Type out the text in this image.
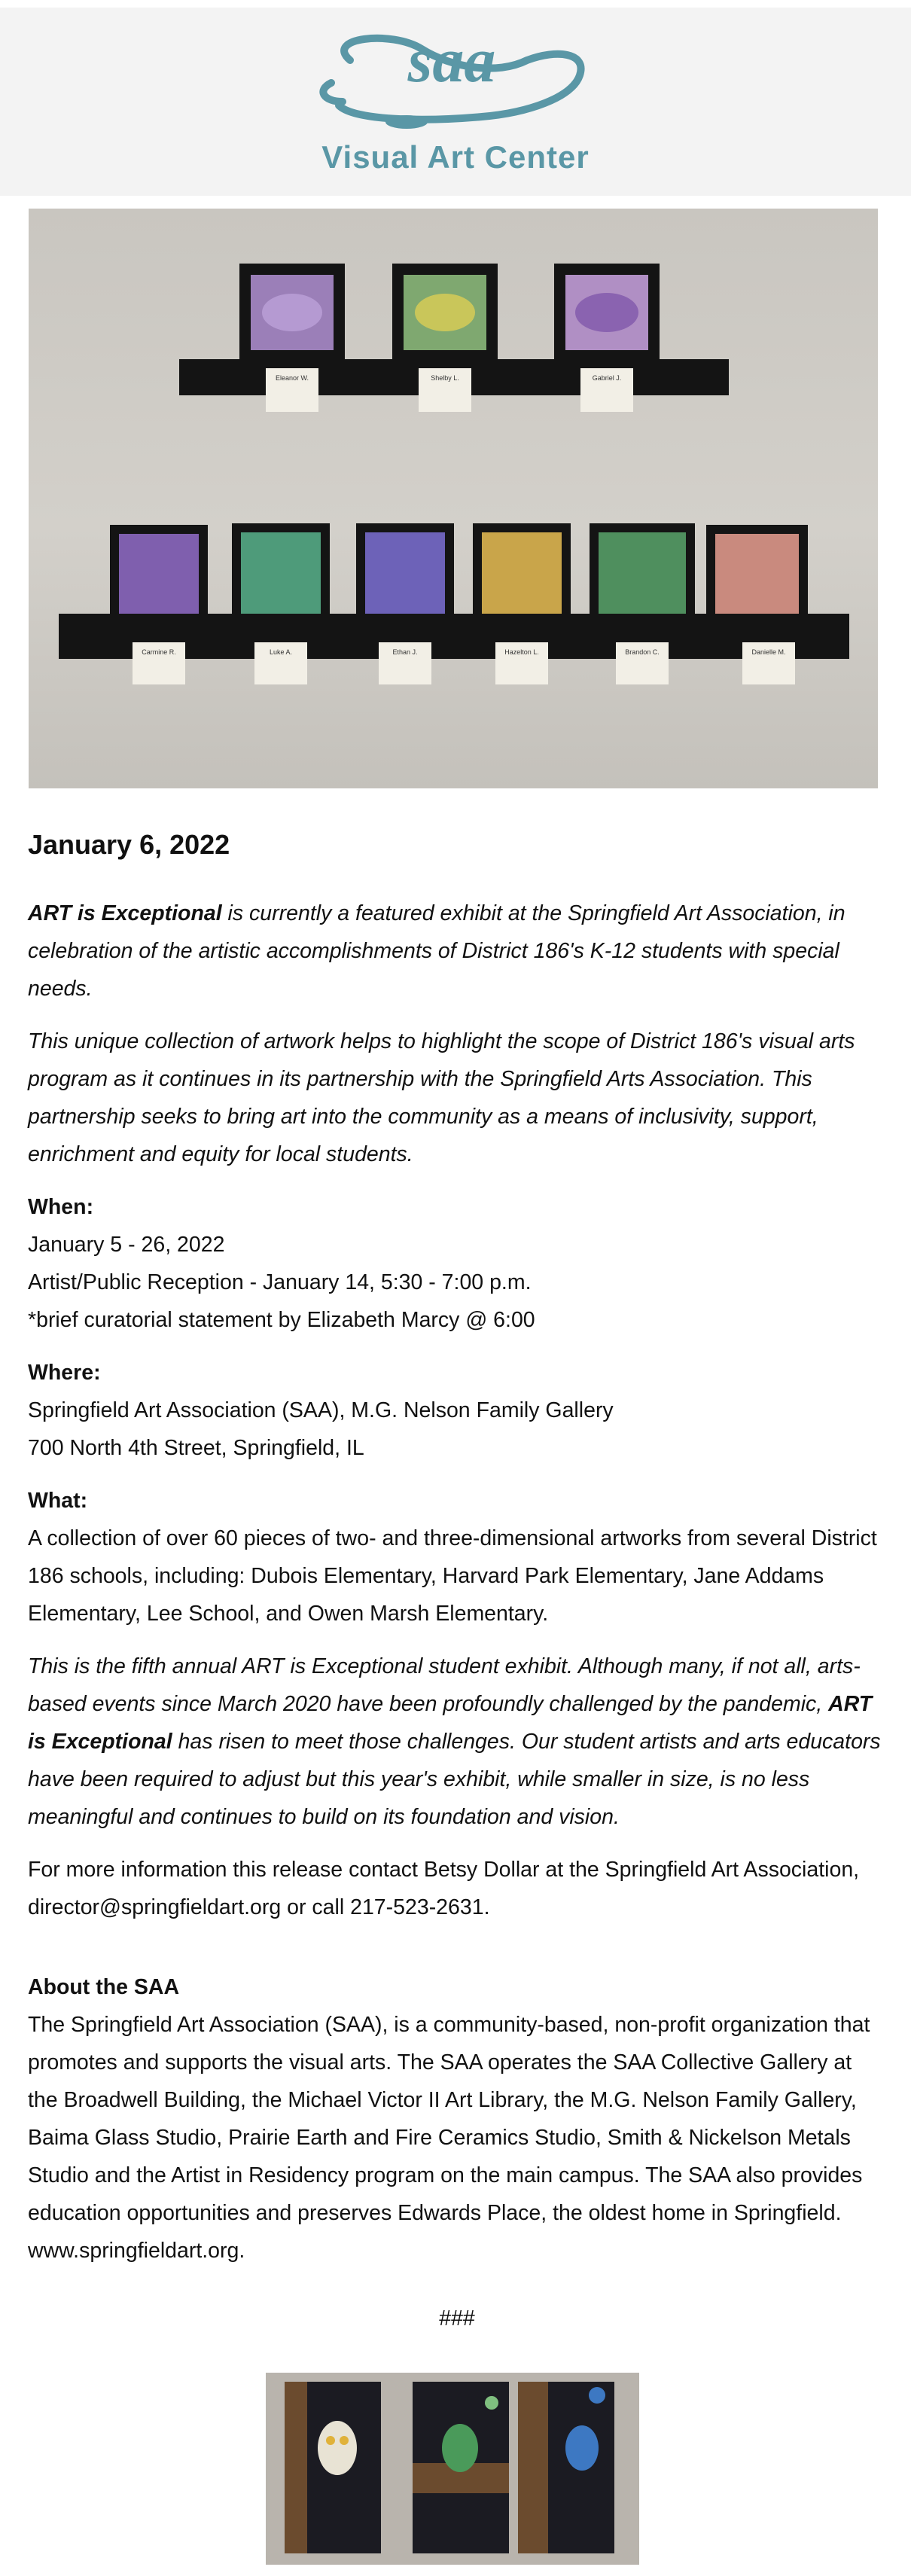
saa
Visual Art Center
Eleanor W.	Shelby L.	Gabriel J.
Carmine R.	Luke A.	Ethan J.	Hazelton L.	Brandon C.	Danielle M.
January 6, 2022

ART is Exceptional is currently a featured exhibit at the Springfield Art Association, in celebration of the artistic accomplishments of District 186's K-12 students with special needs.

This unique collection of artwork helps to highlight the scope of District 186's visual arts program as it continues in its partnership with the Springfield Arts Association. This partnership seeks to bring art into the community as a means of inclusivity, support, enrichment and equity for local students.

When:
January 5 - 26, 2022
Artist/Public Reception - January 14, 5:30 - 7:00 p.m.
*brief curatorial statement by Elizabeth Marcy @ 6:00

Where:
Springfield Art Association (SAA), M.G. Nelson Family Gallery
700 North 4th Street, Springfield, IL

What:
A collection of over 60 pieces of two- and three-dimensional artworks from several District 186 schools, including: Dubois Elementary, Harvard Park Elementary, Jane Addams Elementary, Lee School, and Owen Marsh Elementary.

This is the fifth annual ART is Exceptional student exhibit. Although many, if not all, arts-based events since March 2020 have been profoundly challenged by the pandemic, ART is Exceptional has risen to meet those challenges. Our student artists and arts educators have been required to adjust but this year's exhibit, while smaller in size, is no less meaningful and continues to build on its foundation and vision.

For more information this release contact Betsy Dollar at the Springfield Art Association, director@springfieldart.org or call 217-523-2631.

About the SAA
The Springfield Art Association (SAA), is a community-based, non-profit organization that promotes and supports the visual arts. The SAA operates the SAA Collective Gallery at the Broadwell Building, the Michael Victor II Art Library, the M.G. Nelson Family Gallery, Baima Glass Studio, Prairie Earth and Fire Ceramics Studio, Smith & Nickelson Metals Studio and the Artist in Residency program on the main campus. The SAA also provides education opportunities and preserves Edwards Place, the oldest home in Springfield. www.springfieldart.org.

###
